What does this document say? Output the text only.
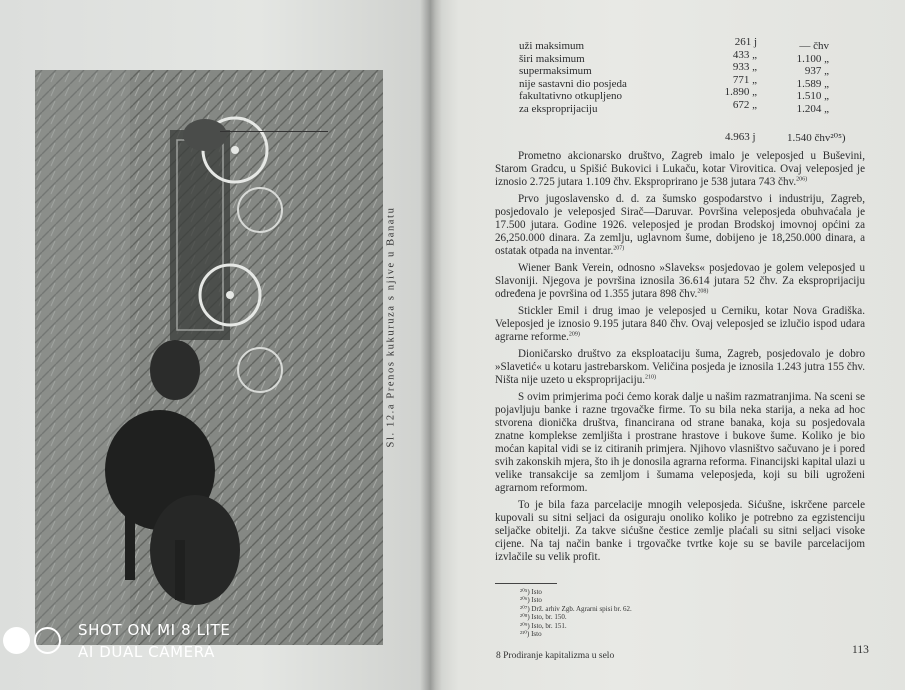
Sl. 12.a Prenos kukuruza s njive u Banatu
SHOT ON MI 8 LITE
AI DUAL CAMERA
uži maksimum	261 j	— čhv
širi maksimum	433 „	1.100 „
supermaksimum	933 „	937 „
nije sastavni dio posjeda	771 „	1.589 „
fakultativno otkupljeno	1.890 „	1.510 „
za eksproprijaciju	672 „	1.204 „
4.963 j	1.540 čhv²⁰⁵)

Prometno akcionarsko društvo, Zagreb imalo je veleposjed u Buševini, Starom Gradcu, u Spišić Bukovici i Lukaču, kotar Virovitica. Ovaj veleposjed je iznosio 2.725 jutara 1.109 čhv. Eksproprirano je 538 jutara 743 čhv.$^{206)}$

Prvo jugoslavensko d. d. za šumsko gospodarstvo i industriju, Zagreb, posjedovalo je veleposjed Sirač—Daruvar. Površina veleposjeda obuhvaćala je 17.500 jutara. Godine 1926. veleposjed je prodan Brodskoj imovnoj općini za 26,250.000 dinara. Za zemlju, uglavnom šume, dobijeno je 18,250.000 dinara, a ostatak otpada na inventar.$^{207)}$

Wiener Bank Verein, odnosno »Slaveks« posjedovao je golem veleposjed u Slavoniji. Njegova je površina iznosila 36.614 jutara 52 čhv. Za eksproprijaciju određena je površina od 1.355 jutara 898 čhv.$^{208)}$

Stickler Emil i drug imao je veleposjed u Cerniku, kotar Nova Gradiška. Veleposjed je iznosio 9.195 jutara 840 čhv. Ovaj veleposjed se izlučio ispod udara agrarne reforme.$^{209)}$

Dioničarsko društvo za eksploataciju šuma, Zagreb, posjedovalo je dobro »Slavetić« u kotaru jastrebarskom. Veličina posjeda je iznosila 1.243 jutra 155 čhv. Ništa nije uzeto u eksproprijaciju.$^{210)}$

S ovim primjerima poći ćemo korak dalje u našim razmatranjima. Na sceni se pojavljuju banke i razne trgovačke firme. To su bila neka starija, a neka ad hoc stvorena dionička društva, financirana od strane banaka, koja su posjedovala znatne komplekse zemljišta i prostrane hrastove i bukove šume. Koliko je bio moćan kapital vidi se iz citiranih primjera. Njihovo vlasništvo sačuvano je i pored svih zakonskih mjera, što ih je donosila agrarna reforma. Financijski kapital ulazi u velike transakcije sa zemljom i šumama veleposjeda, koji su bili ugroženi agrarnom reformom.

To je bila faza parcelacije mnogih veleposjeda. Sićušne, iskrčene parcele kupovali su sitni seljaci da osiguraju onoliko koliko je potrebno za egzistenciju seljačke obitelji. Za takve sićušne čestice zemlje plaćali su sitni seljaci visoke cijene. Na taj način banke i trgovačke tvrtke koje su se bavile parcelacijom izvlačile su velik profit.

²⁰⁵) Isto
²⁰⁶) Isto
²⁰⁷) Drž. arhiv Zgb. Agrarni spisi br. 62.
²⁰⁸) Isto, br. 150.
²⁰⁹) Isto, br. 151.
²¹⁰) Isto
8 Prodiranje kapitalizma u selo	113
